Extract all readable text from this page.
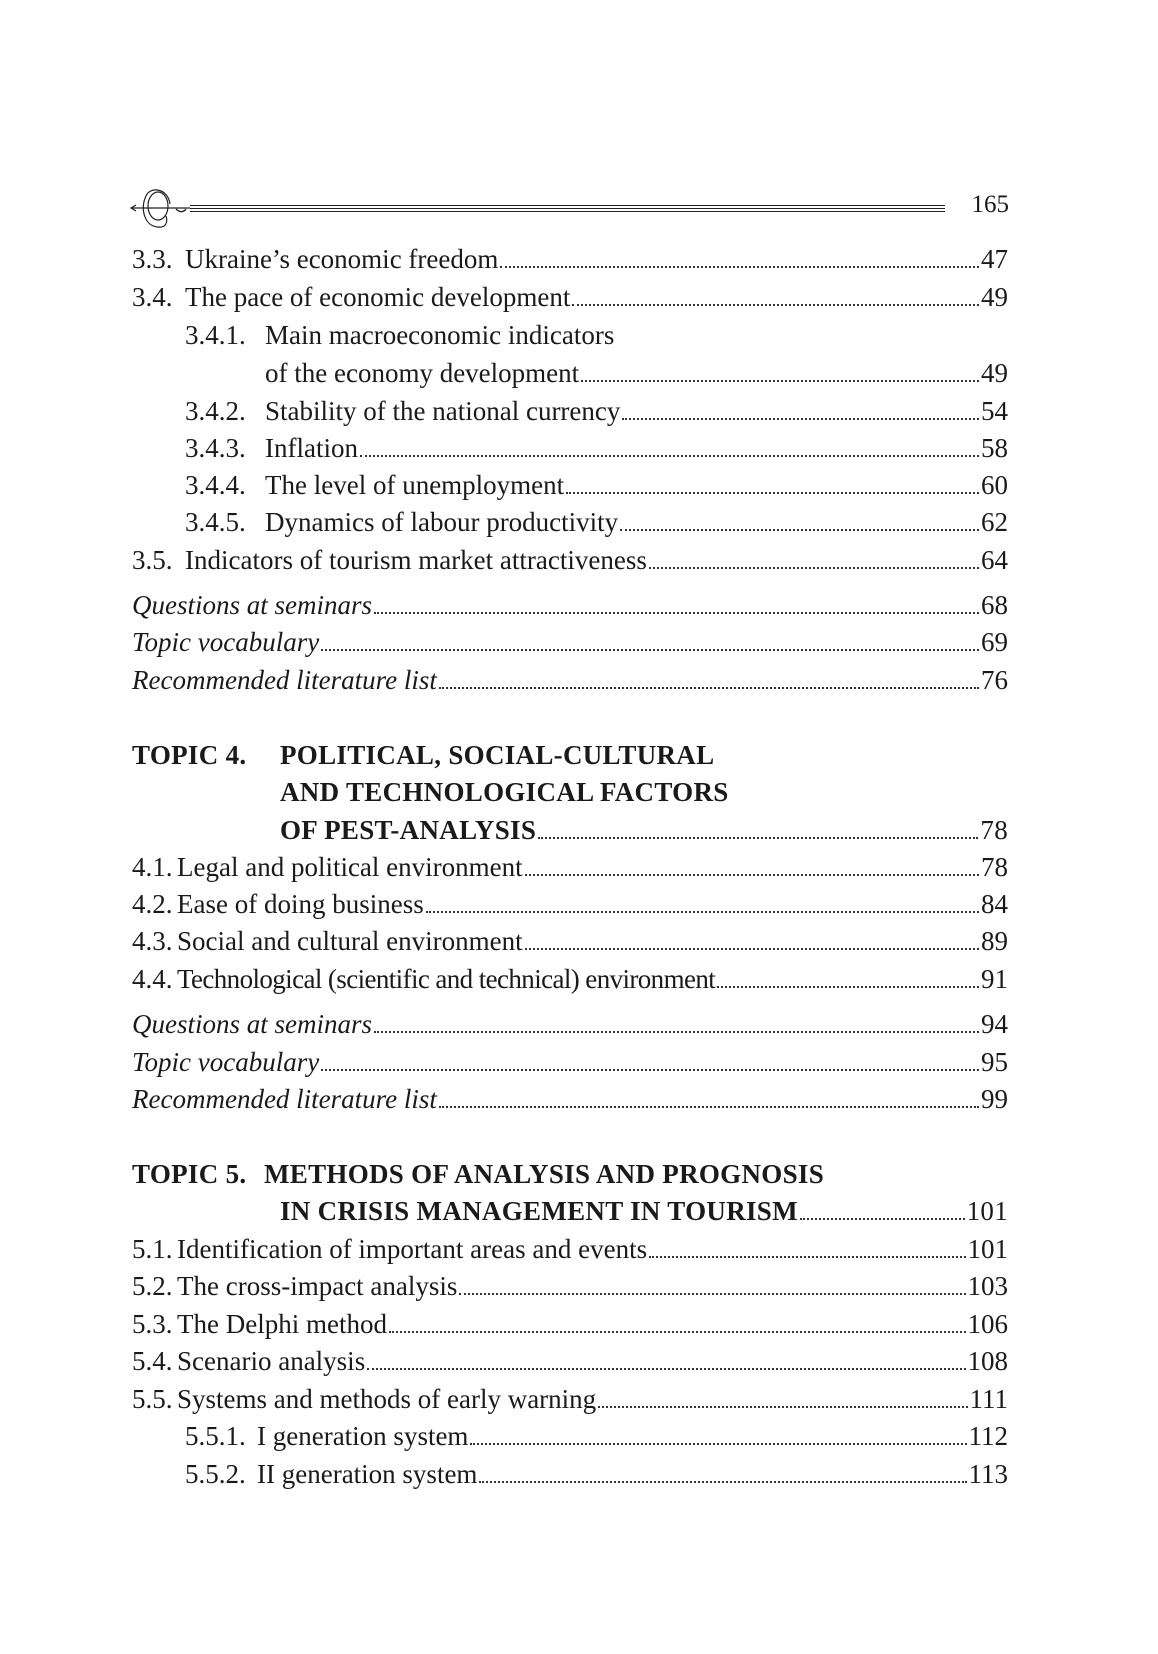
165
3.3. Ukraine’s economic freedom	47
3.4. The pace of economic development	49
3.4.1. Main macroeconomic indicators
of the economy development	49
3.4.2. Stability of the national currency	54
3.4.3. Inflation	58
3.4.4. The level of unemployment	60
3.4.5. Dynamics of labour productivity	62
3.5. Indicators of tourism market attractiveness	64
Questions at seminars	68
Topic vocabulary	69
Recommended literature list	76
TOPIC 4.	POLITICAL, SOCIAL-CULTURAL
AND TECHNOLOGICAL FACTORS
OF PEST-ANALYSIS	78
4.1. Legal and political environment	78
4.2. Ease of doing business	84
4.3. Social and cultural environment	89
4.4. Technological (scientific and technical) environment	91
Questions at seminars	94
Topic vocabulary	95
Recommended literature list	99
TOPIC 5. METHODS OF ANALYSIS AND PROGNOSIS
IN CRISIS MANAGEMENT IN TOURISM	101
5.1. Identification of important areas and events	101
5.2. The cross-impact analysis	103
5.3. The Delphi method	106
5.4. Scenario analysis	108
5.5. Systems and methods of early warning	111
5.5.1. I generation system	112
5.5.2. II generation system	113
